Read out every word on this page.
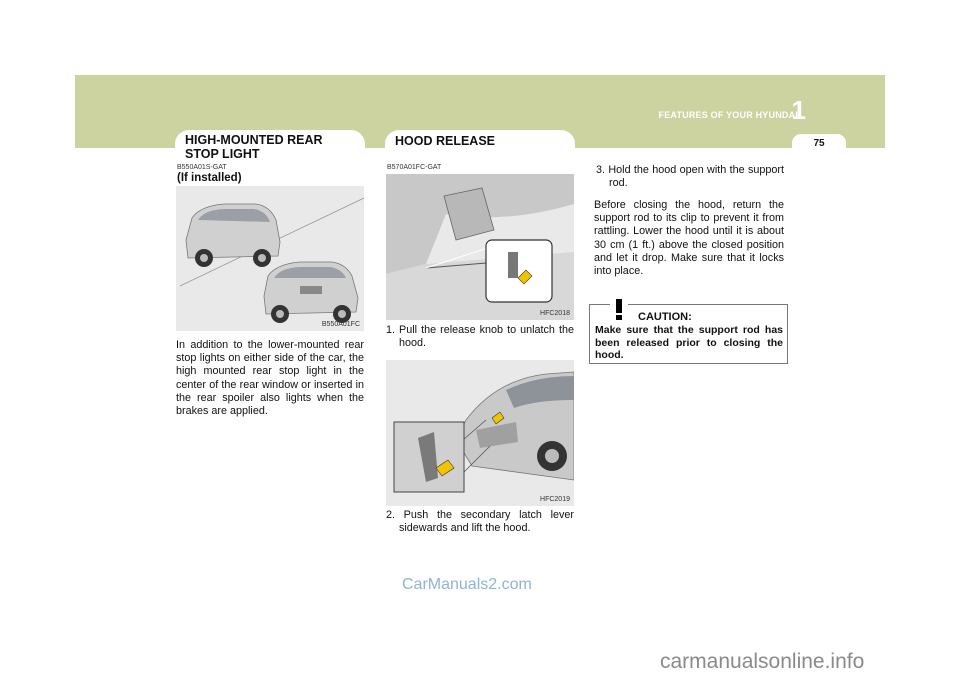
1
FEATURES OF YOUR HYUNDAI
75
HIGH-MOUNTED REAR STOP LIGHT
B550A01S-GAT
(If installed)
B550A01FC
In addition to the lower-mounted rear stop lights on either side of the car, the high mounted rear stop light in the center of the rear window or inserted in the rear spoiler also lights when the brakes are applied.
HOOD RELEASE
B570A01FC-GAT
HFC2018
1. Pull the release knob to unlatch the hood.
HFC2019
2. Push the secondary latch lever sidewards and lift the hood.
3. Hold the hood open with the support rod.
Before closing the hood, return the support rod to its clip to prevent it from rattling. Lower the hood until it is about 30 cm (1 ft.) above the closed position and let it drop. Make sure that it locks into place.
CAUTION:
Make sure that the support rod has been released prior to closing the hood.
CarManuals2.com
carmanualsonline.info
